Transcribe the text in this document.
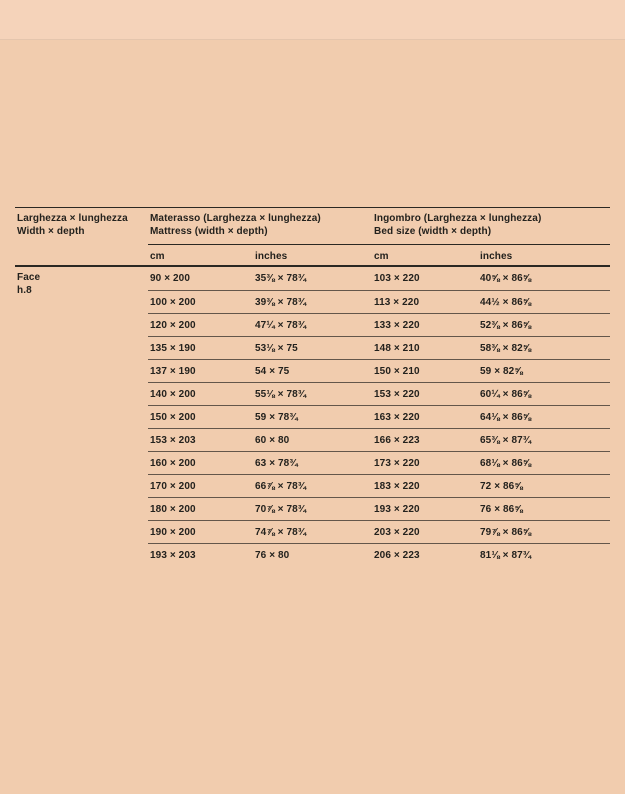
Larghezza × lunghezza
Width × depth
Materasso (Larghezza × lunghezza)
Mattress (width × depth)
Ingombro (Larghezza × lunghezza)
Bed size (width × depth)
cm	inches	cm	inches
90 × 200	35⅜ × 78¾	103 × 220	40⅝ × 86⅝
100 × 200	39⅜ × 78¾	113 × 220	44½ × 86⅝
120 × 200	47¼ × 78¾	133 × 220	52⅜ × 86⅝
135 × 190	53⅛ × 75	148 × 210	58⅜ × 82⅝
137 × 190	54 × 75	150 × 210	59 × 82⅝
140 × 200	55⅛ × 78¾	153 × 220	60¼ × 86⅝
150 × 200	59 × 78¾	163 × 220	64⅛ × 86⅝
153 × 203	60 × 80	166 × 223	65⅜ × 87¾
160 × 200	63 × 78¾	173 × 220	68⅛ × 86⅝
170 × 200	66⅞ × 78¾	183 × 220	72 × 86⅝
180 × 200	70⅞ × 78¾	193 × 220	76 × 86⅝
190 × 200	74⅞ × 78¾	203 × 220	79⅞ × 86⅝
193 × 203	76 × 80	206 × 223	81⅛ × 87¾
Face
h.8
